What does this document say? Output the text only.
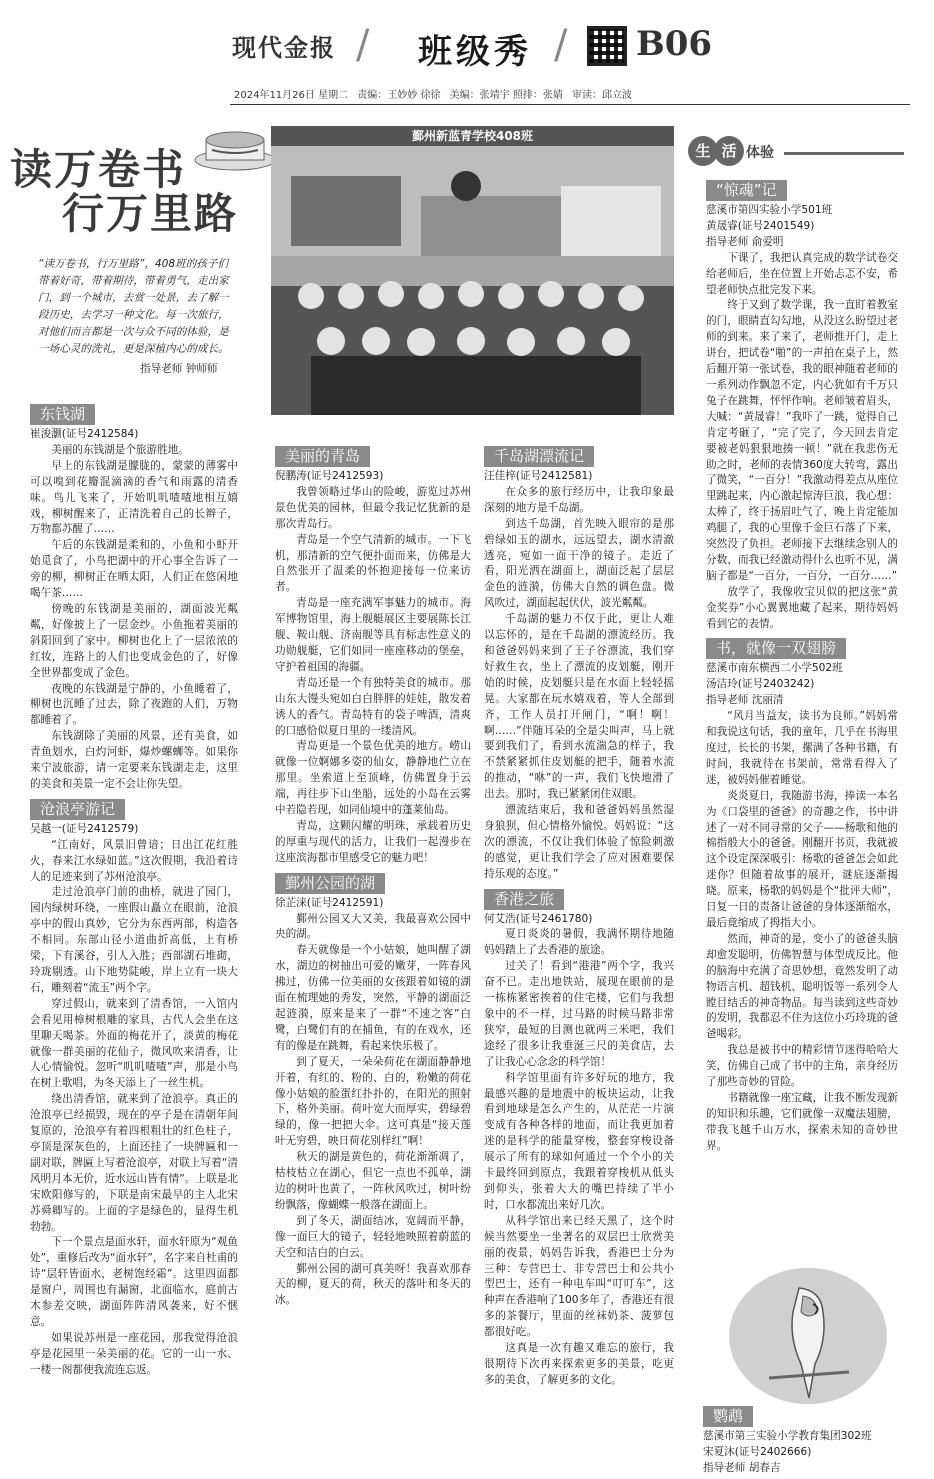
现代金报 / 班级秀 / B06
2024年11月26日 星期二 责编：王妙妙 徐徐 美编：张靖宇 照排：张婧 审读：邱立波
读万卷书
行万里路
“读万卷书，行万里路”，408班的孩子们带着好奇，带着期待，带着勇气，走出家门，到一个城市，去赏一处景，去了解一段历史，去学习一种文化。每一次旅行，对他们而言都是一次与众不同的体验，是一场心灵的洗礼，更是深植内心的成长。
指导老师 钟师师
鄞州新蓝青学校408班
东钱湖

崔浚灏(证号2412584)

美丽的东钱湖是个旅游胜地。

早上的东钱湖是朦胧的，蒙蒙的薄雾中可以嗅到花瓣混滴滴的香气和雨露的清香味。鸟儿飞来了，开始叽叽喳喳地相互嬉戏，柳树醒来了，正清洗着自己的长辫子，万物都苏醒了……

午后的东钱湖是柔和的，小鱼和小虾开始觅食了，小鸟把湖中的开心事全告诉了一旁的柳，柳树正在晒太阳，人们正在悠闲地喝午茶……

傍晚的东钱湖是美丽的，湖面波光粼粼，好像披上了一层金纱。小鱼拖着美丽的斜阳回到了家中。柳树也化上了一层浓浓的红妆，连路上的人们也变成金色的了，好像全世界都变成了金色。

夜晚的东钱湖是宁静的，小鱼睡着了，柳树也沉睡了过去，除了夜跑的人们，万物都睡着了。

东钱湖除了美丽的风景，还有美食，如青鱼划水，白灼河虾，爆炒螺蛳等。如果你来宁波旅游，请一定要来东钱湖走走，这里的美食和美景一定不会让你失望。

沧浪亭游记

吴越一(证号2412579)

“江南好，风景旧曾谙；日出江花红胜火，春来江水绿如蓝。”这次假期，我沿着诗人的足迹来到了苏州沧浪亭。

走过沧浪亭门前的曲桥，就进了园门，园内绿树环绕，一座假山矗立在眼前，沧浪亭中的假山真妙，它分为东西两部，构造各不相同。东部山径小道曲折高低，上有桥梁，下有溪谷，引人入胜；西部湖石堆砌，玲珑剔透。山下地势陡峻，岸上立有一块大石，雕刻着“流玉”两个字。

穿过假山，就来到了清香馆，一入馆内会看见用樟树根雕的家具，古代人会坐在这里聊天喝茶。外面的梅花开了，淡黄的梅花就像一群美丽的花仙子，微风吹来清香，让人心情愉悦。忽听“叽叽喳喳”声，那是小鸟在树上歌唱，为冬天添上了一丝生机。

绕出清香馆，就来到了沧浪亭。真正的沧浪亭已经损毁，现在的亭子是在清朝年间复原的，沧浪亭有着四根粗壮的红色柱子，亭顶是深灰色的，上面还挂了一块牌匾和一副对联，牌匾上写着沧浪亭，对联上写着“清风明月本无价，近水远山皆有情”。上联是北宋欧阳修写的，下联是南宋最早的主人北宋苏舜卿写的。上面的字是绿色的，显得生机勃勃。

下一个景点是面水轩，面水轩原为“观鱼处”，重修后改为“面水轩”，名字来自杜甫的诗“层轩皆面水，老树饱经霜”。这里四面都是窗户，周围也有漏窗，北面临水，庭前古木参差交映，湖面阵阵清风袭来，好不惬意。

如果说苏州是一座花园，那我觉得沧浪亭是花园里一朵美丽的花。它的一山一水、一楼一阁都使我流连忘返。

美丽的青岛

倪鹏涛(证号2412593)

我曾领略过华山的险峻，游览过苏州景色优美的园林，但最令我记忆犹新的是那次青岛行。

青岛是一个空气清新的城市。一下飞机，那清新的空气便扑面而来，仿佛是大自然张开了温柔的怀抱迎接每一位来访者。

青岛是一座充满军事魅力的城市。海军博物馆里，海上舰艇展区主要展陈长江舰、鞍山舰、济南舰等具有标志性意义的功勋舰艇，它们如同一座座移动的堡垒，守护着祖国的海疆。

青岛还是一个有独特美食的城市。那山东大馒头宛如白白胖胖的娃娃，散发着诱人的香气。青岛特有的袋子啤酒，清爽的口感恰似夏日里的一缕清风。

青岛更是一个景色优美的地方。崂山就像一位婀娜多姿的仙女，静静地伫立在那里。坐索道上至顶峰，仿佛置身于云端，再往步下山坐船，远处的小岛在云雾中若隐若现，如同仙境中的蓬莱仙岛。

青岛，这颗闪耀的明珠，承载着历史的厚重与现代的活力，让我们一起漫步在这座滨海都市里感受它的魅力吧！

鄞州公园的湖

徐芷涞(证号2412591)

鄞州公园又大又美，我最喜欢公园中央的湖。

春天就像是一个小姑娘，她叫醒了湖水，湖边的树抽出可爱的嫩芽，一阵春风拂过，仿佛一位美丽的女孩跟着如镜的湖面在梳理她的秀发，突然，平静的湖面泛起涟漪，原来是来了一群“不速之客”白鹭，白鹭们有的在捕鱼，有的在戏水，还有的像是在跳舞，看起来快乐极了。

到了夏天，一朵朵荷花在湖面静静地开着，有红的、粉的、白的，粉嫩的荷花像小姑娘的脸蛋红扑扑的，在阳光的照射下，格外美丽。荷叶宽大而厚实，碧绿碧绿的，像一把把大伞。这可真是“接天莲叶无穷碧，映日荷花别样红”啊！

秋天的湖是黄色的，荷花渐渐凋了，枯枝枯立在湖心，但它一点也不孤单，湖边的树叶也黄了，一阵秋风吹过，树叶纷纷飘落，像蝴蝶一般落在湖面上。

到了冬天，湖面结冰，宽阔而平静，像一面巨大的镜子，轻轻地映照着蔚蓝的天空和洁白的白云。

鄞州公园的湖可真美呀！我喜欢那春天的柳，夏天的荷，秋天的落叶和冬天的冰。

千岛湖漂流记

汪佳梓(证号2412581)

在众多的旅行经历中，让我印象最深刻的地方是千岛湖。

到达千岛湖，首先映入眼帘的是那碧绿如玉的湖水，远远望去，湖水清澈透亮，宛如一面干净的镜子。走近了看，阳光洒在湖面上，湖面泛起了层层金色的涟漪，仿佛大自然的调色盘。微风吹过，湖面起起伏伏，波光粼粼。

千岛湖的魅力不仅于此，更让人难以忘怀的，是在千岛湖的漂流经历。我和爸爸妈妈来到了王子谷漂流，我们穿好救生衣，坐上了漂流的皮划艇，刚开始的时候，皮划艇只是在水面上轻轻摇晃。大家都在玩水嬉戏着，等人全部到齐，工作人员打开闸门，“啊！啊！啊……”伴随耳朵的全是尖叫声，马上就要到我们了，看到水流湍急的样子，我不禁紧紧抓住皮划艇的把手，随着水流的推动，“咻”的一声，我们飞快地滑了出去。那时，我已紧紧闭住双眼。

漂流结束后，我和爸爸妈妈虽然湿身狼狈，但心情格外愉悦。妈妈说：“这次的漂流，不仅让我们体验了惊险刺激的感觉，更让我们学会了应对困难要保持乐观的态度。”

香港之旅

何艾浩(证号2461780)

夏日炎炎的暑假，我满怀期待地随妈妈踏上了去香港的旅途。

过关了！看到“港港”两个字，我兴奋不已。走出地铁站，展现在眼前的是一栋栋紧密挨着的住宅楼，它们与我想象中的不一样，过马路的时候马路非常狭窄，最短的目测也就两三米吧，我们途经了很多让我垂涎三尺的美食店，去了让我心心念念的科学馆！

科学馆里面有许多好玩的地方，我最感兴趣的是地震中的板块运动，让我看到地球是怎么产生的，从茫茫一片演变成有各种各样的地面，而让我更加着迷的是科学的能量穿梭，整套穿梭设备展示了所有的球如何通过一个个小的关卡最终回到原点，我跟着穿梭机从低头到仰头，张着大大的嘴巴持续了半小时，口水都流出来好几次。

从科学馆出来已经天黑了，这个时候当然要坐一坐著名的双层巴士欣赏美丽的夜景，妈妈告诉我，香港巴士分为三种：专营巴士、非专营巴士和公共小型巴士，还有一种电车叫“叮叮车”，这种声在香港响了100多年了，香港还有很多的茶餐厅，里面的丝袜奶茶、菠萝包都很好吃。

这真是一次有趣又难忘的旅行，我很期待下次再来探索更多的美景，吃更多的美食，了解更多的文化。

生 活 体验
“惊魂”记

慈溪市第四实验小学501班

黄晟睿(证号2401549)

指导老师 俞爱明

下课了，我把认真完成的数学试卷交给老师后，坐在位置上开始忐忑不安，希望老师快点批完发下来。

终于又到了数学课，我一直盯着教室的门，眼睛直勾勾地，从没这么盼望过老师的到来。来了来了，老师推开门，走上讲台，把试卷“啪”的一声拍在桌子上，然后翻开第一张试卷，我的眼神随着老师的一系列动作飘忽不定，内心犹如有千万只兔子在跳舞，怦怦作响。老师皱着眉头，大喊：“黄晟睿！”我吓了一跳，觉得自己肯定考砸了，“完了完了，今天回去肯定要被老妈狠狠地揍一顿！”就在我悲伤无助之时，老师的表情360度大转弯，露出了微笑，“一百分！”我激动得差点从座位里跳起来，内心激起惊涛巨浪，我心想：太棒了，终于扬眉吐气了，晚上肯定能加鸡腿了，我的心里像千金巨石落了下来，突然没了负担。老师接下去继续念别人的分数，而我已经激动得什么也听不见，满脑子都是“一百分，一百分，一百分……”

放学了，我像收宝贝似的把这张“黄金奖券”小心翼翼地藏了起来，期待妈妈看到它的表情。

书，就像一双翅膀

慈溪市南东横西二小学502班

汤洁玲(证号2403242)

指导老师 沈丽清

“风月当益友，读书为良师。”妈妈常和我说这句话，我的童年，几乎在书海里度过，长长的书架，摞满了各种书籍，有时间，我就待在书架前，常常看得入了迷，被妈妈催着睡觉。

炎炎夏日，我随游书海，捧读一本名为《口袋里的爸爸》的奇趣之作，书中讲述了一对不同寻常的父子——杨歌和他的棉指般大小的爸爸。刚翻开书页，我就被这个设定深深吸引：杨歌的爸爸怎会如此迷你？但随着故事的展开，谜底逐渐揭晓。原来，杨歌的妈妈是个“批评大师”，日复一日的责备让爸爸的身体逐渐缩水，最后竟缩成了拇指大小。

然而，神奇的是，变小了的爸爸头脑却愈发聪明，仿佛智慧与体型成反比。他的脑海中充满了奇思妙想，竟然发明了动物语言机、超钱机、聪明饭等一系列令人瞠目结舌的神奇物品。每当读到这些奇妙的发明，我都忍不住为这位小巧玲珑的爸爸喝彩。

我总是被书中的精彩情节迷得哈哈大笑，仿佛自己成了书中的主角，亲身经历了那些奇妙的冒险。

书籍就像一座宝藏，让我不断发现新的知识和乐趣，它们就像一双魔法翅膀，带我飞越千山万水，探索未知的奇妙世界。

鹦鹉

慈溪市第三实验小学教育集团302班

宋夏沐(证号2402666)

指导老师 胡春吉
